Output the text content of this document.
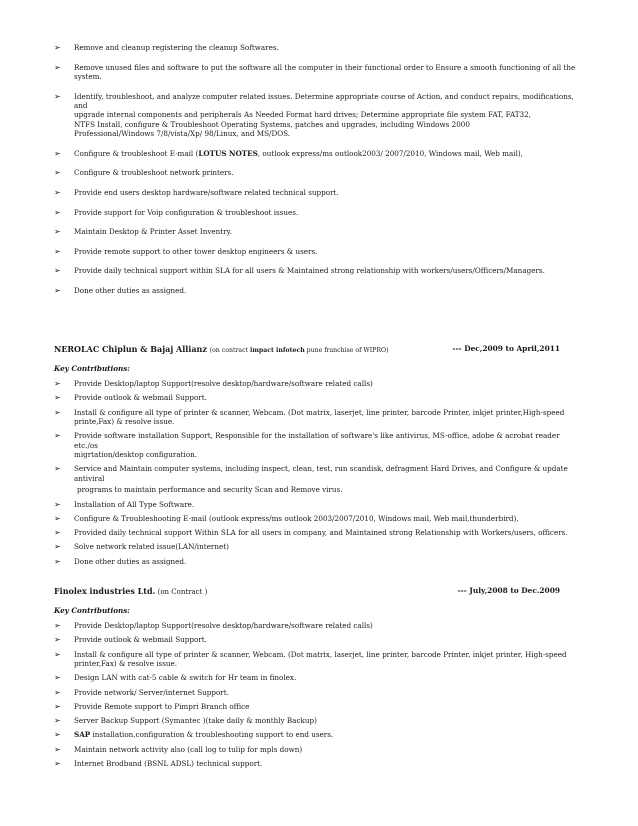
➢ Remove and cleanup registering the cleanup Softwares.
➢ Remove unused files and software to put the software all the computer in their functional order to Ensure a smooth functioning of all the
system.
➢ Identify, troubleshoot, and analyze computer related issues. Determine appropriate course of Action, and conduct repairs, modifications, and
upgrade internal components and peripherals As Needed Format hard drives; Determine appropriate file system FAT, FAT32,
NTFS Install, configure & Troubleshoot Operating Systems, patches and upgrades, including Windows 2000
Professional/Windows 7/8/vista/Xp/ 98/Linux, and MS/DOS.
➢ Configure & troubleshoot E-mail (LOTUS NOTES, outlook express/ms outlook2003/ 2007/2010, Windows mail, Web mail),
➢ Configure & troubleshoot network printers.
➢ Provide end users desktop hardware/software related technical support.
➢ Provide support for Voip configuration & troubleshoot issues.
➢ Maintain Desktop & Printer Asset Inventry.
➢ Provide remote support to other tower desktop engineers & users.
➢ Provide daily technical support within SLA for all users & Maintained strong relationship with workers/users/Officers/Managers.
➢ Done other duties as assigned.
NEROLAC Chiplun & Bajaj Allianz (on contract impact infotech pune franchise of WIPRO)	--- Dec,2009 to April,2011
Key Contributions:
➢ Provide Desktop/laptop Support(resolve desktop/hardware/software related calls)
➢ Provide outlook & webmail Support.
➢ Install & configure all type of printer & scanner, Webcam. (Dot matrix, laserjet, line printer, barcode Printer, inkjet printer,High-speed
printe,Fax) & resolve issue.
➢ Provide software installation Support, Responsible for the installation of software's like antivirus, MS-office, adobe & acrobat reader etc./os
migrtation/desktop configuration.
➢ Service and Maintain computer systems, including inspect, clean, test, run scandisk, defragment Hard Drives, and Configure & update antiviral
programs to maintain performance and security Scan and Remove virus.
➢ Installation of All Type Software.
➢ Configure & Troubleshooting E-mail (outlook express/ms outlook 2003/2007/2010, Windows mail, Web mail,thunderbird),
➢ Provided daily technical support Within SLA for all users in company, and Maintained strong Relationship with Workers/users, officers.
➢ Solve network related issue(LAN/internet)
➢ Done other duties as assigned.
Finolex industries Ltd. (on Contract )	--- July,2008 to Dec.2009
Key Contributions:
➢ Provide Desktop/laptop Support(resolve desktop/hardware/software related calls)
➢ Provide outlook & webmail Support.
➢ Install & configure all type of printer & scanner, Webcam. (Dot matrix, laserjet, line printer, barcode Printer, inkjet printer, High-speed
printer,Fax) & resolve issue.
➢ Design LAN with cat-5 cable & switch for Hr team in finolex.
➢ Provide network/ Server/internet Support.
➢ Provide Remote support to Pimpri Branch office
➢ Server Backup Support (Symantec )(take daily & monthly Backup)
➢ SAP installation,configuration & troubleshooting support to end users.
➢ Maintain network activity also (call log to tulip for mpls down)
➢ Internet Brodband (BSNL ADSL) technical support.
